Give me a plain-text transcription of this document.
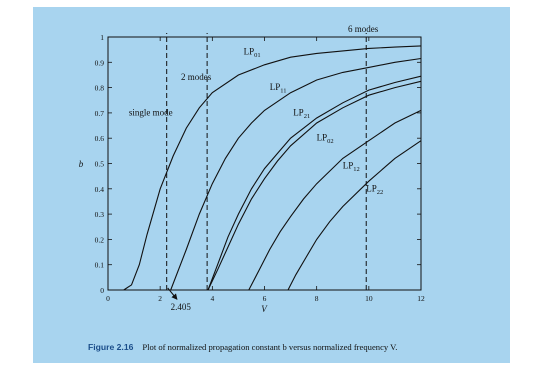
0	2	4	6	8	10	12
0
0.1
0.2
0.3
0.4
0.5
0.6
0.7
0.8
0.9
1
single mode
2 modes
6 modes
$LP_{01}$
$LP_{11}$
$LP_{21}$
$LP_{02}$
$LP_{12}$
$LP_{22}$
V
b
2.405
Figure 2.16 Plot of normalized propagation constant b versus normalized frequency V.
